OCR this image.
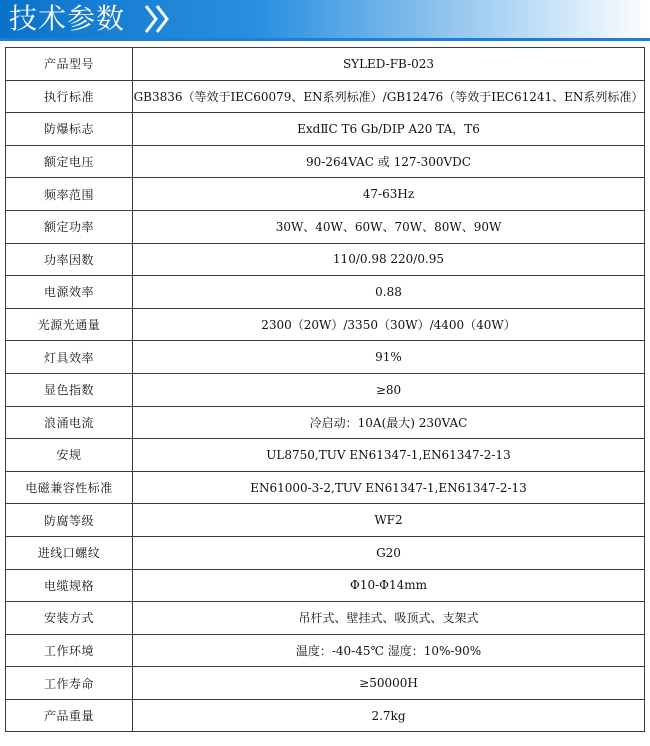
技术参数
产品型号	SYLED-FB-023
执行标准	GB3836（等效于IEC60079、EN系列标准）/GB12476（等效于IEC61241、EN系列标准）
防爆标志	ExdⅡC T6 Gb/DIP A20 TA，T6
额定电压	90-264VAC 或 127-300VDC
频率范围	47-63Hz
额定功率	30W、40W、60W、70W、80W、90W
功率因数	110/0.98 220/0.95
电源效率	0.88
光源光通量	2300（20W）/3350（30W）/4400（40W）
灯具效率	91%
显色指数	≥80
浪涌电流	冷启动：10A(最大) 230VAC
安规	UL8750,TUV EN61347-1,EN61347-2-13
电磁兼容性标准	EN61000-3-2,TUV EN61347-1,EN61347-2-13
防腐等级	WF2
进线口螺纹	G20
电缆规格	Φ10-Φ14mm
安装方式	吊杆式、壁挂式、吸顶式、支架式
工作环境	温度：-40-45℃ 湿度：10%-90%
工作寿命	≥50000H
产品重量	2.7kg
